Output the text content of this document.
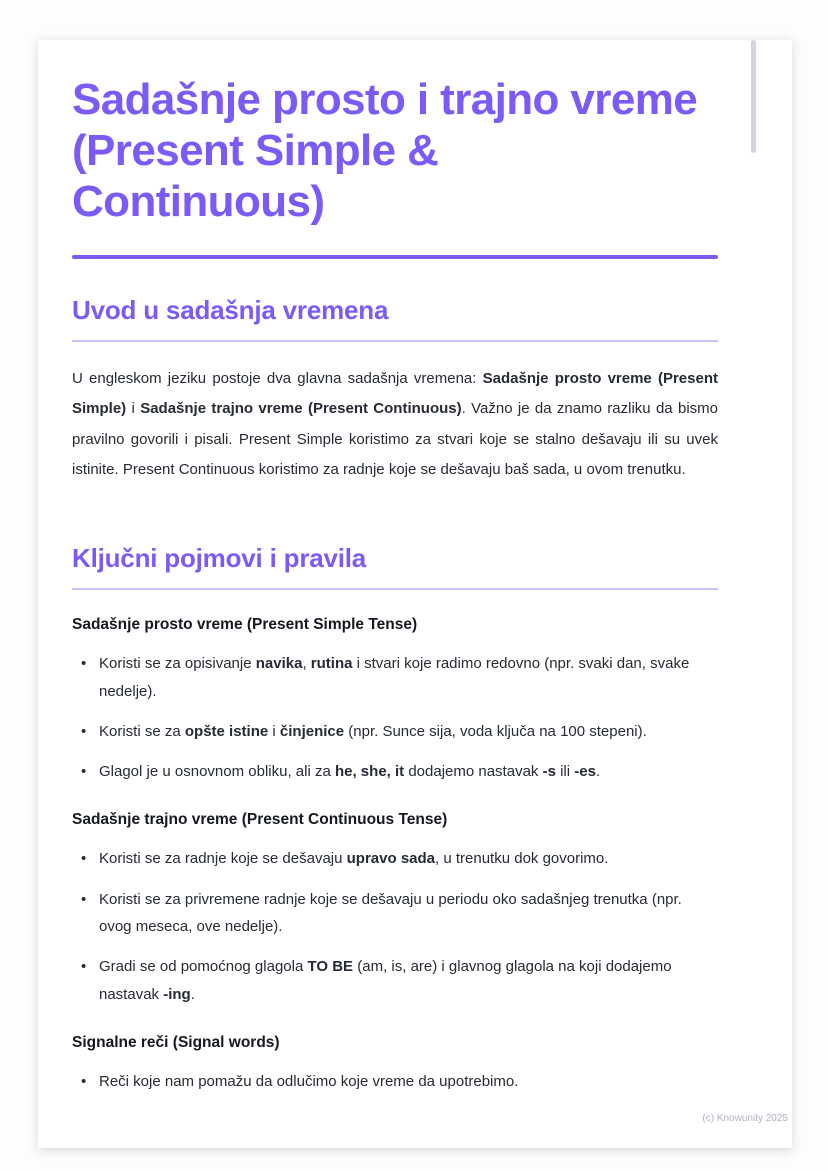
Sadašnje prosto i trajno vreme
(Present Simple &
Continuous)
Uvod u sadašnja vremena

U engleskom jeziku postoje dva glavna sadašnja vremena: Sadašnje prosto vreme (Present Simple) i Sadašnje trajno vreme (Present Continuous). Važno je da znamo razliku da bismo pravilno govorili i pisali. Present Simple koristimo za stvari koje se stalno dešavaju ili su uvek istinite. Present Continuous koristimo za radnje koje se dešavaju baš sada, u ovom trenutku.

Ključni pojmovi i pravila
Sadašnje prosto vreme (Present Simple Tense)
• Koristi se za opisivanje navika, rutina i stvari koje radimo redovno (npr. svaki dan, svake nedelje).
• Koristi se za opšte istine i činjenice (npr. Sunce sija, voda ključa na 100 stepeni).
• Glagol je u osnovnom obliku, ali za he, she, it dodajemo nastavak -s ili -es.
Sadašnje trajno vreme (Present Continuous Tense)
• Koristi se za radnje koje se dešavaju upravo sada, u trenutku dok govorimo.
• Koristi se za privremene radnje koje se dešavaju u periodu oko sadašnjeg trenutka (npr. ovog meseca, ove nedelje).
• Gradi se od pomoćnog glagola TO BE (am, is, are) i glavnog glagola na koji dodajemo nastavak -ing.
Signalne reči (Signal words)
• Reči koje nam pomažu da odlučimo koje vreme da upotrebimo.
(c) Knowunity 2025
